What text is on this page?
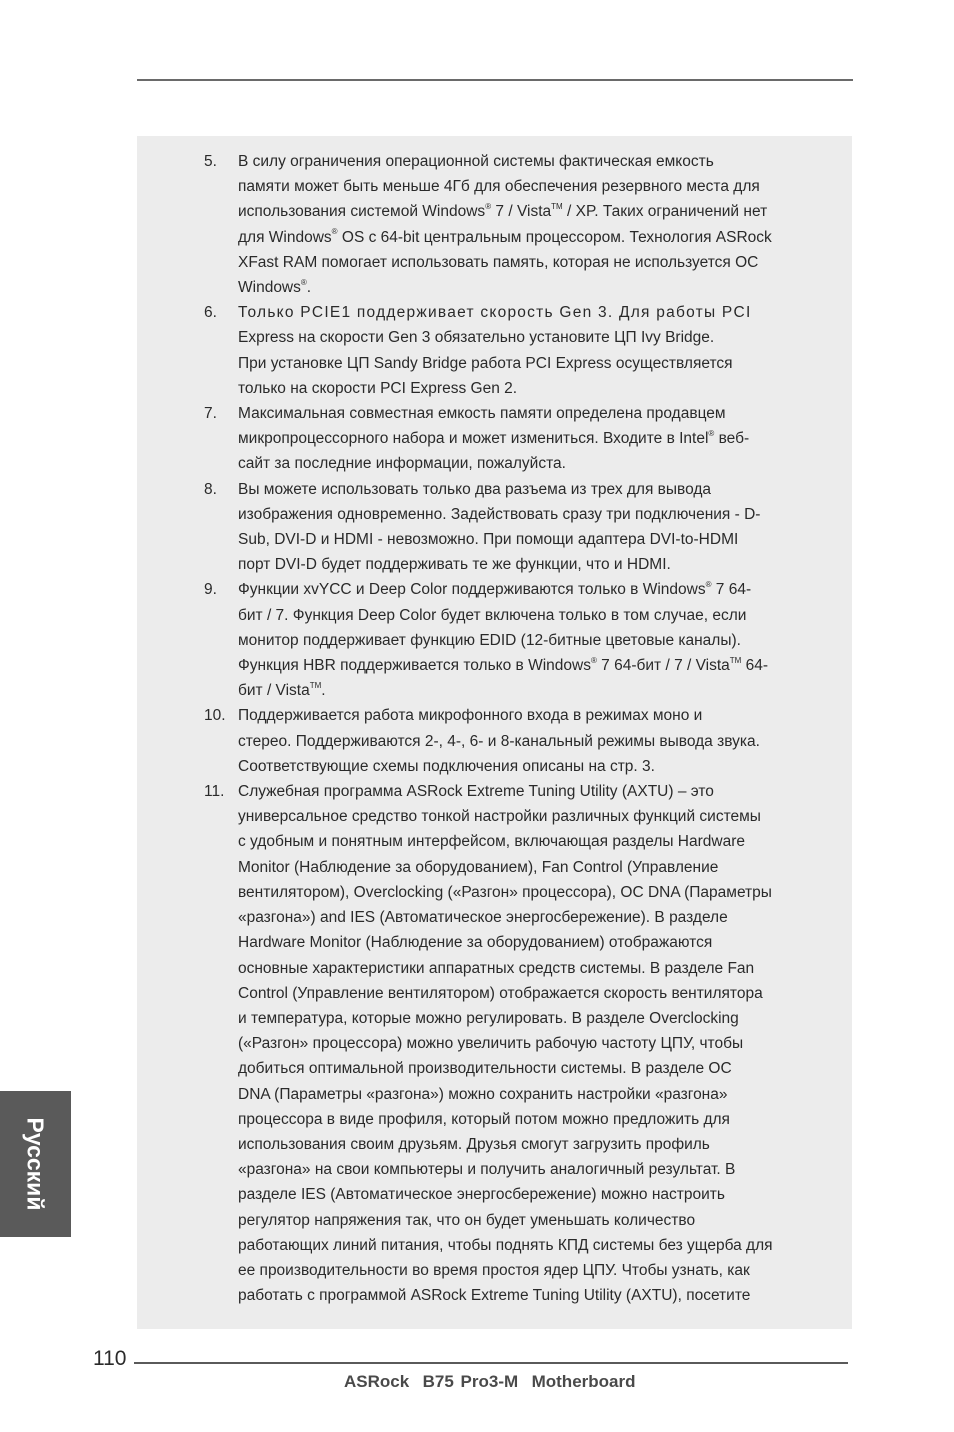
5. В силу ограничения операционной системы фактическая емкость
памяти может быть меньше 4Гб для обеспечения резервного места для
использования системой Windows® 7 / Vista™ / XP. Таких ограничений нет
для Windows® OS с 64-bit центральным процессором. Технология ASRock
XFast RAM помогает использовать память, которая не используется ОС
Windows®.
6. Только PCIE1 поддерживает скорость Gen 3. Для работы PCI
Express на скорости Gen 3 обязательно установите ЦП Ivy Bridge.
При установке ЦП Sandy Bridge работа PCI Express осуществляется
только на скорости PCI Express Gen 2.
7. Максимальная совместная емкость памяти определена продавцем
микропроцессорного набора и может измениться. Входите в Intel® веб-
сайт за последние информации, пожалуйста.
8. Вы можете использовать только два разъема из трех для вывода
изображения одновременно. Задействовать сразу три подключения - D-
Sub, DVI-D и HDMI - невозможно. При помощи адаптера DVI-to-HDMI
порт DVI-D будет поддерживать те же функции, что и HDMI.
9. Функции xvYCC и Deep Color поддерживаются только в Windows® 7 64-
бит / 7. Функция Deep Color будет включена только в том случае, если
монитор поддерживает функцию EDID (12-битные цветовые каналы).
Функция HBR поддерживается только в Windows® 7 64-бит / 7 / Vista™ 64-
бит / Vista™.
10. Поддерживается работа микрофонного входа в режимах моно и
стерео. Поддерживаются 2-, 4-, 6- и 8-канальный режимы вывода звука.
Соответствующие схемы подключения описаны на стр. 3.
11. Служебная программа ASRock Extreme Tuning Utility (AXTU) – это
универсальное средство тонкой настройки различных функций системы
с удобным и понятным интерфейсом, включающая разделы Hardware
Monitor (Наблюдение за оборудованием), Fan Control (Управление
вентилятором), Overclocking («Разгон» процессора), OC DNA (Параметры
«разгона») and IES (Автоматическое энергосбережение). В разделе
Hardware Monitor (Наблюдение за оборудованием) отображаются
основные характеристики аппаратных средств системы. В разделе Fan
Control (Управление вентилятором) отображается скорость вентилятора
и температура, которые можно регулировать. В разделе Overclocking
(«Разгон» процессора) можно увеличить рабочую частоту ЦПУ, чтобы
добиться оптимальной производительности системы. В разделе OC
DNA (Параметры «разгона») можно сохранить настройки «разгона»
процессора в виде профиля, который потом можно предложить для
использования своим друзьям. Друзья смогут загрузить профиль
«разгона» на свои компьютеры и получить аналогичный результат. В
разделе IES (Автоматическое энергосбережение) можно настроить
регулятор напряжения так, что он будет уменьшать количество
работающих линий питания, чтобы поднять КПД системы без ущерба для
ее производительности во время простоя ядер ЦПУ. Чтобы узнать, как
работать с программой ASRock Extreme Tuning Utility (AXTU), посетите
Русский
110
ASRock  B75 Pro3-M  Motherboard
